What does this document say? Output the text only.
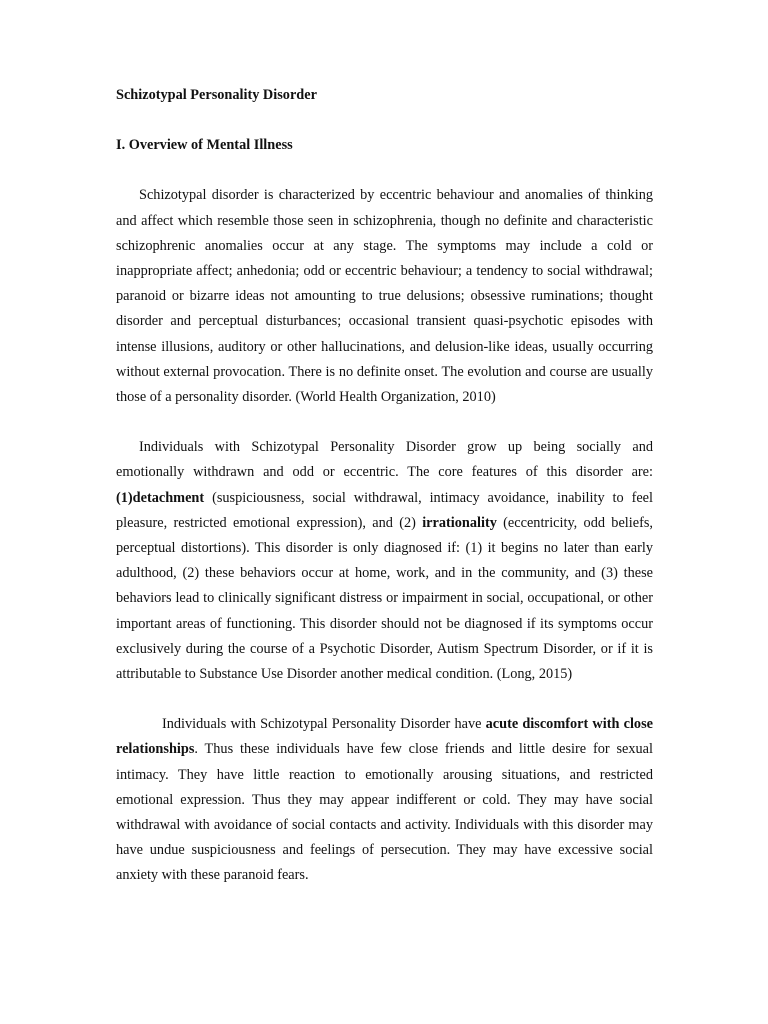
Schizotypal Personality Disorder

I. Overview of Mental Illness

Schizotypal disorder is characterized by eccentric behaviour and anomalies of thinking and affect which resemble those seen in schizophrenia, though no definite and characteristic schizophrenic anomalies occur at any stage. The symptoms may include a cold or inappropriate affect; anhedonia; odd or eccentric behaviour; a tendency to social withdrawal; paranoid or bizarre ideas not amounting to true delusions; obsessive ruminations; thought disorder and perceptual disturbances; occasional transient quasi-psychotic episodes with intense illusions, auditory or other hallucinations, and delusion-like ideas, usually occurring without external provocation. There is no definite onset. The evolution and course are usually those of a personality disorder. (World Health Organization, 2010)

Individuals with Schizotypal Personality Disorder grow up being socially and emotionally withdrawn and odd or eccentric. The core features of this disorder are: (1)detachment (suspiciousness, social withdrawal, intimacy avoidance, inability to feel pleasure, restricted emotional expression), and (2) irrationality (eccentricity, odd beliefs, perceptual distortions). This disorder is only diagnosed if: (1) it begins no later than early adulthood, (2) these behaviors occur at home, work, and in the community, and (3) these behaviors lead to clinically significant distress or impairment in social, occupational, or other important areas of functioning. This disorder should not be diagnosed if its symptoms occur exclusively during the course of a Psychotic Disorder, Autism Spectrum Disorder, or if it is attributable to Substance Use Disorder another medical condition. (Long, 2015)

Individuals with Schizotypal Personality Disorder have acute discomfort with close relationships. Thus these individuals have few close friends and little desire for sexual intimacy. They have little reaction to emotionally arousing situations, and restricted emotional expression. Thus they may appear indifferent or cold. They may have social withdrawal with avoidance of social contacts and activity. Individuals with this disorder may have undue suspiciousness and feelings of persecution. They may have excessive social anxiety with these paranoid fears.
